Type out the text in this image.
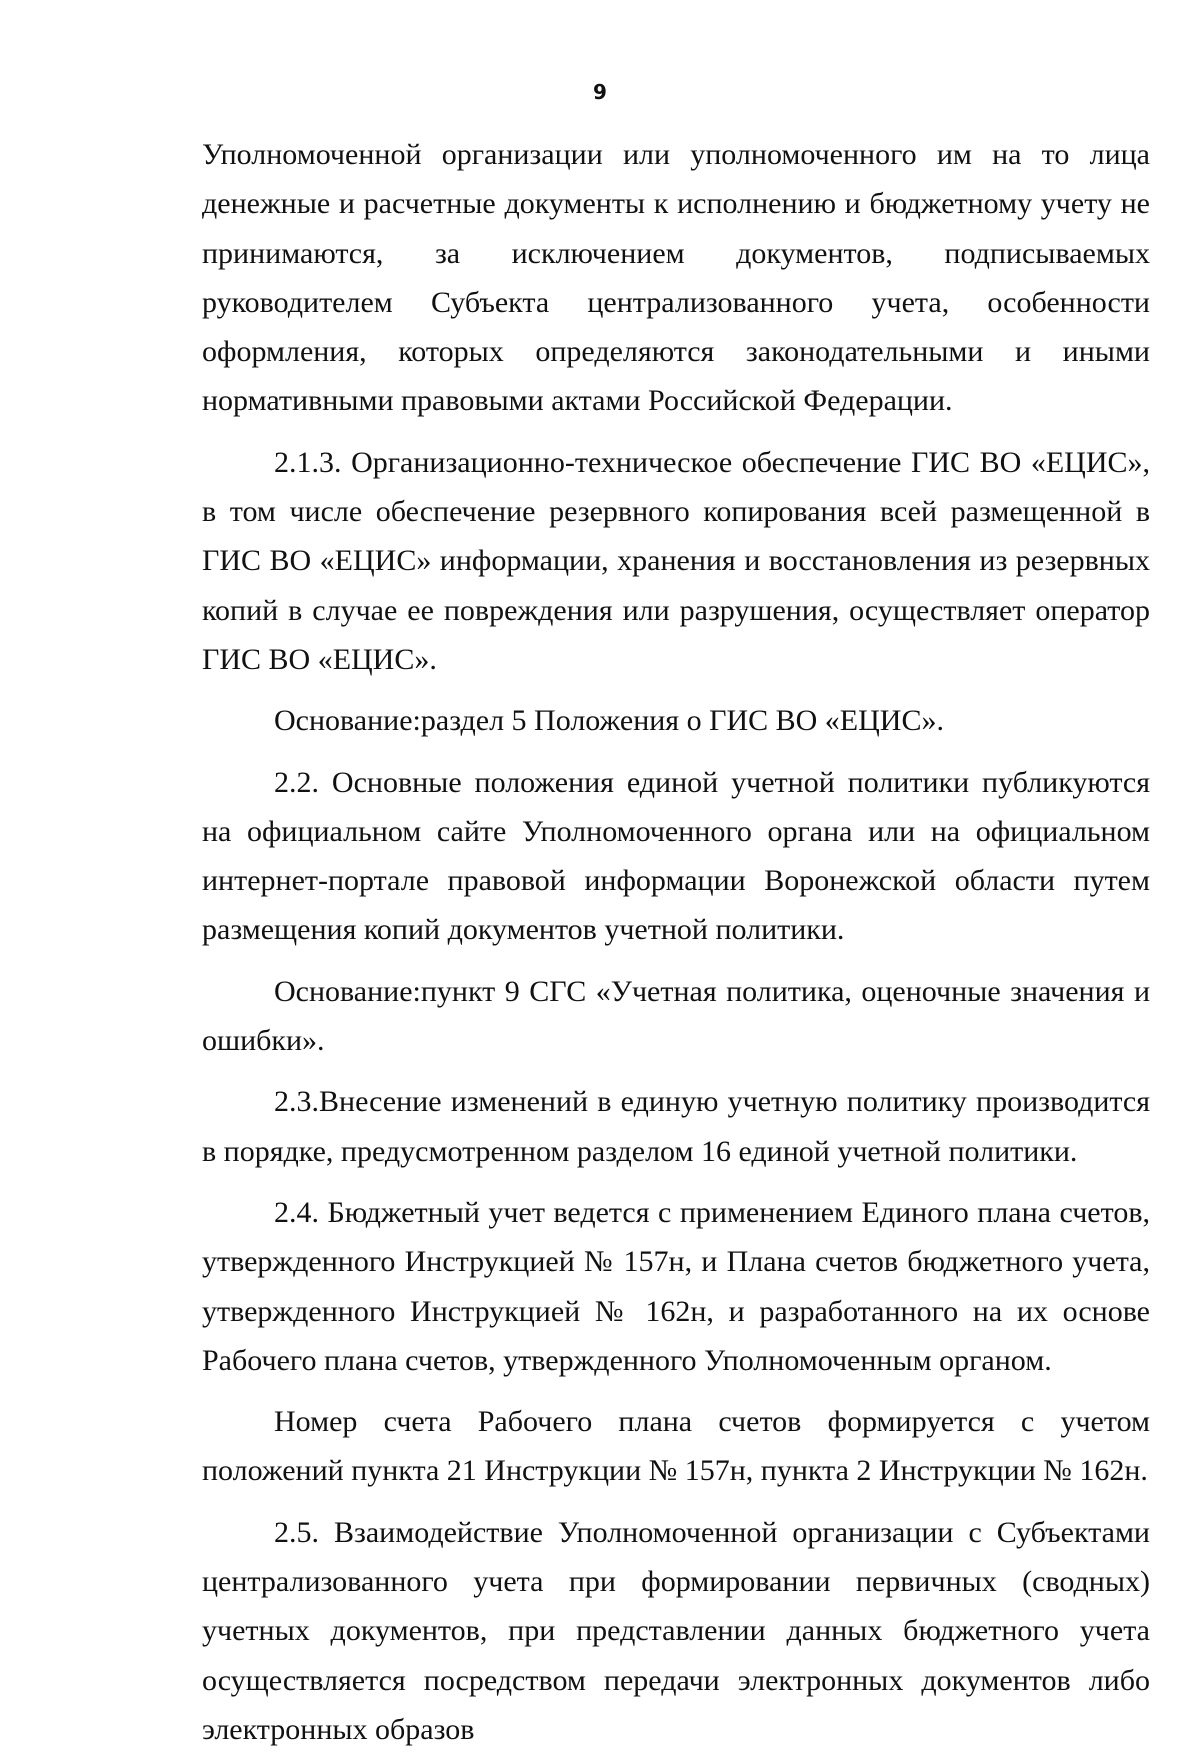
9

Уполномоченной организации или уполномоченного им на то лица денежные и расчетные документы к исполнению и бюджетному учету не принимаются, за исключением документов, подписываемых руководителем Субъекта централизованного учета, особенности оформления, которых определяются законодательными и иными нормативными правовыми актами Российской Федерации.

2.1.3. Организационно-техническое обеспечение ГИС ВО «ЕЦИС», в том числе обеспечение резервного копирования всей размещенной в ГИС ВО «ЕЦИС» информации, хранения и восстановления из резервных копий в случае ее повреждения или разрушения, осуществляет оператор ГИС ВО «ЕЦИС».

Основание:раздел 5 Положения о ГИС ВО «ЕЦИС».

2.2. Основные положения единой учетной политики публикуются на официальном сайте Уполномоченного органа или на официальном интернет-портале правовой информации Воронежской области путем размещения копий документов учетной политики.

Основание:пункт 9 СГС «Учетная политика, оценочные значения и ошибки».

2.3.Внесение изменений в единую учетную политику производится в порядке, предусмотренном разделом 16 единой учетной политики.

2.4. Бюджетный учет ведется с применением Единого плана счетов, утвержденного Инструкцией № 157н, и Плана счетов бюджетного учета, утвержденного Инструкцией № 162н, и разработанного на их основе Рабочего плана счетов, утвержденного Уполномоченным органом.

Номер счета Рабочего плана счетов формируется с учетом положений пункта 21 Инструкции № 157н, пункта 2 Инструкции № 162н.

2.5. Взаимодействие Уполномоченной организации с Субъектами централизованного учета при формировании первичных (сводных) учетных документов, при представлении данных бюджетного учета осуществляется посредством передачи электронных документов либо электронных образов
